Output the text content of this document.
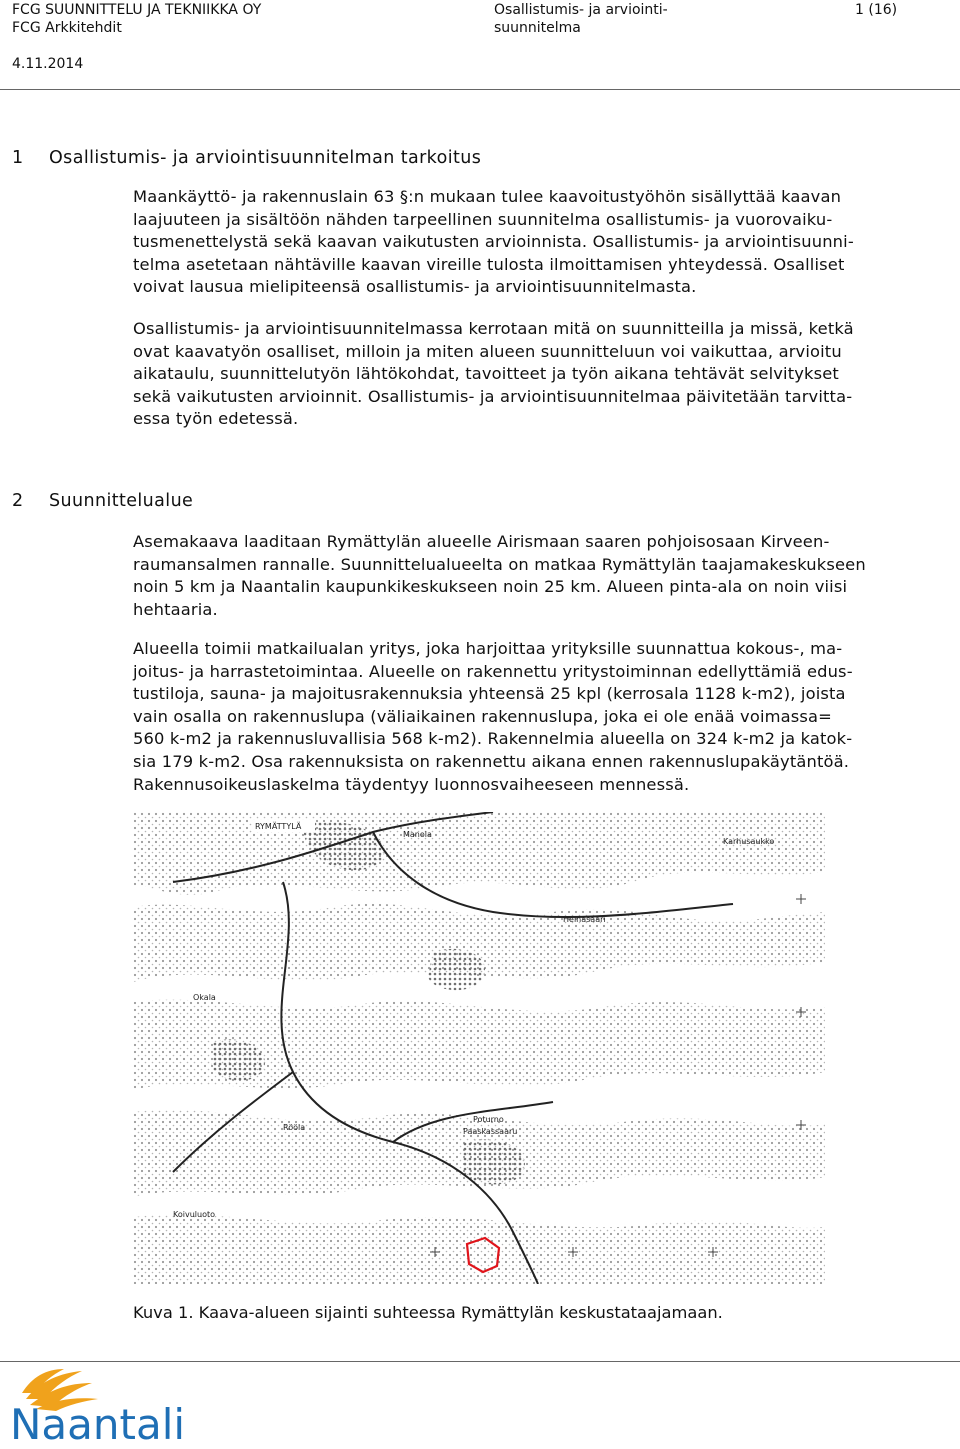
FCG SUUNNITTELU JA TEKNIIKKA OY
FCG Arkkitehdit
4.11.2014
Osallistumis- ja arviointi-
suunnitelma
1 (16)
1 Osallistumis- ja arviointisuunnitelman tarkoitus
Maankäyttö- ja rakennuslain 63 §:n mukaan tulee kaavoitustyöhön sisällyttää kaavan
laajuuteen ja sisältöön nähden tarpeellinen suunnitelma osallistumis- ja vuorovaiku-
tusmenettelystä sekä kaavan vaikutusten arvioinnista. Osallistumis- ja arviointisuunni-
telma asetetaan nähtäville kaavan vireille tulosta ilmoittamisen yhteydessä. Osalliset
voivat lausua mielipiteensä osallistumis- ja arviointisuunnitelmasta.
Osallistumis- ja arviointisuunnitelmassa kerrotaan mitä on suunnitteilla ja missä, ketkä
ovat kaavatyön osalliset, milloin ja miten alueen suunnitteluun voi vaikuttaa, arvioitu
aikataulu, suunnittelutyön lähtökohdat, tavoitteet ja työn aikana tehtävät selvitykset
sekä vaikutusten arvioinnit. Osallistumis- ja arviointisuunnitelmaa päivitetään tarvitta-
essa työn edetessä.
2 Suunnittelualue
Asemakaava laaditaan Rymättylän alueelle Airismaan saaren pohjoisosaan Kirveen-
raumansalmen rannalle. Suunnittelualueelta on matkaa Rymättylän taajamakeskukseen
noin 5 km ja Naantalin kaupunkikeskukseen noin 25 km. Alueen pinta-ala on noin viisi
hehtaaria.
Alueella toimii matkailualan yritys, joka harjoittaa yrityksille suunnattua kokous-, ma-
joitus- ja harrastetoimintaa. Alueelle on rakennettu yritystoiminnan edellyttämiä edus-
tustiloja, sauna- ja majoitusrakennuksia yhteensä 25 kpl (kerrosala 1128 k-m2), joista
vain osalla on rakennuslupa (väliaikainen rakennuslupa, joka ei ole enää voimassa=
560 k-m2 ja rakennusluvallisia 568 k-m2). Rakennelmia alueella on 324 k-m2 ja katok-
sia 179 k-m2. Osa rakennuksista on rakennettu aikana ennen rakennuslupakäytäntöä.
Rakennusoikeuslaskelma täydentyy luonnosvaiheeseen mennessä.
RYMÄTTYLÄ
Manola
Karhusaukko
Heinäsaari
Okala
Rööla
Poturno
Paaskassaaru
Koivuluoto
Kuva 1. Kaava-alueen sijainti suhteessa Rymättylän keskustataajamaan.
Naantali
